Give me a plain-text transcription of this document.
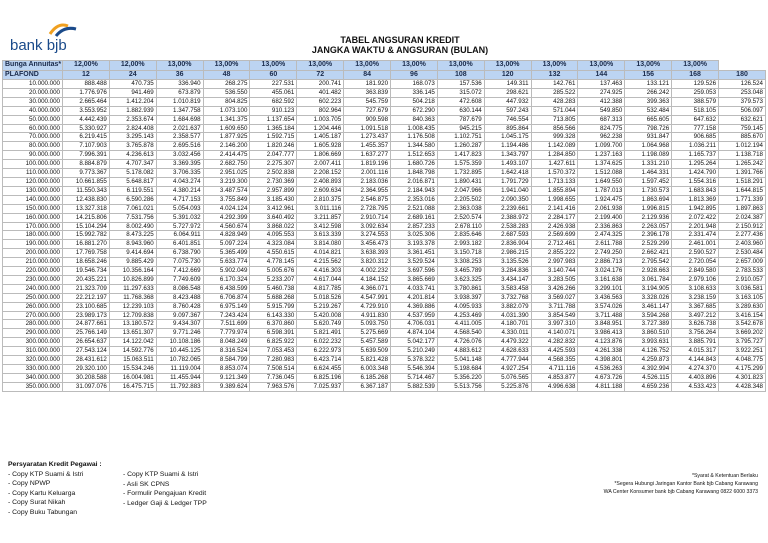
bank bjb	TABEL ANGSURAN KREDIT
JANGKA WAKTU & ANGSURAN (BULAN)
Bunga Annuitas*	12,00%	12,00%	13,00%	13,00%	13,00%	13,00%	13,00%	13,00%	13,00%	13,00%	13,00%	13,00%	13,00%	13,00%	
PLAFOND	12	24	36	48	60	72	84	96	108	120	132	144	156	168	180
10.000.000	888.488	470.735	336.940	268.275	227.531	200.741	181.920	168.073	157.536	149.311	142.761	137.463	133.121	129.526	126.524
20.000.000	1.776.976	941.469	673.879	536.550	455.061	401.482	363.839	336.145	315.072	298.621	285.522	274.925	266.242	259.053	253.048
30.000.000	2.665.464	1.412.204	1.010.819	804.825	682.592	602.223	545.759	504.218	472.608	447.932	428.283	412.388	399.363	388.579	379.573
40.000.000	3.553.952	1.882.939	1.347.758	1.073.100	910.123	802.964	727.679	672.290	630.144	597.243	571.044	549.850	532.484	518.105	506.097
50.000.000	4.442.439	2.353.674	1.684.698	1.341.375	1.137.654	1.003.705	909.598	840.363	787.679	746.554	713.805	687.313	665.605	647.632	632.621
60.000.000	5.330.927	2.824.408	2.021.637	1.609.650	1.365.184	1.204.446	1.091.518	1.008.435	945.215	895.864	856.566	824.775	798.726	777.158	759.145
70.000.000	6.219.415	3.295.143	2.358.577	1.877.925	1.592.715	1.405.187	1.273.437	1.176.508	1.102.751	1.045.175	999.328	962.238	931.847	906.685	885.670
80.000.000	7.107.903	3.765.878	2.695.516	2.146.200	1.820.246	1.605.928	1.455.357	1.344.580	1.260.287	1.194.486	1.142.089	1.099.700	1.064.968	1.036.211	1.012.194
90.000.000	7.996.391	4.236.613	3.032.456	2.414.475	2.047.777	1.806.669	1.637.277	1.512.653	1.417.823	1.343.797	1.284.850	1.237.163	1.198.089	1.165.737	1.138.718
100.000.000	8.884.879	4.707.347	3.369.395	2.682.750	2.275.307	2.007.411	1.819.196	1.680.726	1.575.359	1.493.107	1.427.611	1.374.625	1.331.210	1.295.264	1.265.242
110.000.000	9.773.367	5.178.082	3.706.335	2.951.025	2.502.838	2.208.152	2.001.116	1.848.798	1.732.895	1.642.418	1.570.372	1.512.088	1.464.331	1.424.790	1.391.766
120.000.000	10.661.855	5.648.817	4.043.274	3.219.300	2.730.369	2.408.893	2.183.036	2.016.871	1.890.431	1.791.729	1.713.133	1.649.550	1.597.452	1.554.316	1.518.291
130.000.000	11.550.343	6.119.551	4.380.214	3.487.574	2.957.899	2.609.634	2.364.955	2.184.943	2.047.966	1.941.040	1.855.894	1.787.013	1.730.573	1.683.843	1.644.815
140.000.000	12.438.830	6.590.286	4.717.153	3.755.849	3.185.430	2.810.375	2.546.875	2.353.016	2.205.502	2.090.350	1.998.655	1.924.475	1.863.694	1.813.369	1.771.339
150.000.000	13.327.318	7.061.021	5.054.093	4.024.124	3.412.961	3.011.116	2.728.795	2.521.088	2.363.038	2.239.661	2.141.416	2.061.938	1.996.815	1.942.895	1.897.863
160.000.000	14.215.806	7.531.756	5.391.032	4.292.399	3.640.492	3.211.857	2.910.714	2.689.161	2.520.574	2.388.972	2.284.177	2.199.400	2.129.936	2.072.422	2.024.387
170.000.000	15.104.294	8.002.490	5.727.972	4.560.674	3.868.022	3.412.598	3.092.634	2.857.233	2.678.110	2.538.283	2.426.938	2.336.863	2.263.057	2.201.948	2.150.912
180.000.000	15.992.782	8.473.225	6.064.911	4.828.949	4.095.553	3.613.339	3.274.553	3.025.306	2.835.646	2.687.593	2.569.699	2.474.325	2.396.178	2.331.474	2.277.436
190.000.000	16.881.270	8.943.960	6.401.851	5.097.224	4.323.084	3.814.080	3.456.473	3.193.378	2.993.182	2.836.904	2.712.461	2.611.788	2.529.299	2.461.001	2.403.960
200.000.000	17.769.758	9.414.694	6.738.790	5.365.499	4.550.615	4.014.821	3.638.393	3.361.451	3.150.718	2.986.215	2.855.222	2.749.250	2.662.421	2.590.527	2.530.484
210.000.000	18.658.246	9.885.429	7.075.730	5.633.774	4.778.145	4.215.562	3.820.312	3.529.524	3.308.253	3.135.526	2.997.983	2.886.713	2.795.542	2.720.054	2.657.009
220.000.000	19.546.734	10.356.164	7.412.669	5.902.049	5.005.676	4.416.303	4.002.232	3.697.596	3.465.789	3.284.836	3.140.744	3.024.176	2.928.663	2.849.580	2.783.533
230.000.000	20.435.221	10.826.899	7.749.609	6.170.324	5.233.207	4.617.044	4.184.152	3.865.669	3.623.325	3.434.147	3.283.505	3.161.638	3.061.784	2.979.106	2.910.057
240.000.000	21.323.709	11.297.633	8.086.548	6.438.599	5.460.738	4.817.785	4.366.071	4.033.741	3.780.861	3.583.458	3.426.266	3.299.101	3.194.905	3.108.633	3.036.581
250.000.000	22.212.197	11.768.368	8.423.488	6.706.874	5.688.268	5.018.526	4.547.991	4.201.814	3.938.397	3.732.768	3.569.027	3.436.563	3.328.026	3.238.159	3.163.105
260.000.000	23.100.685	12.239.103	8.760.428	6.975.149	5.915.799	5.219.267	4.729.910	4.369.886	4.095.933	3.882.079	3.711.788	3.574.026	3.461.147	3.367.685	3.289.630
270.000.000	23.989.173	12.709.838	9.097.367	7.243.424	6.143.330	5.420.008	4.911.830	4.537.959	4.253.469	4.031.390	3.854.549	3.711.488	3.594.268	3.497.212	3.416.154
280.000.000	24.877.661	13.180.572	9.434.307	7.511.699	6.370.860	5.620.749	5.093.750	4.706.031	4.411.005	4.180.701	3.997.310	3.848.951	3.727.389	3.626.738	3.542.678
290.000.000	25.766.149	13.651.307	9.771.246	7.779.974	6.598.391	5.821.491	5.275.669	4.874.104	4.568.540	4.330.011	4.140.071	3.986.413	3.860.510	3.756.264	3.669.202
300.000.000	26.654.637	14.122.042	10.108.186	8.048.249	6.825.922	6.022.232	5.457.589	5.042.177	4.726.076	4.479.322	4.282.832	4.123.876	3.993.631	3.885.791	3.795.727
310.000.000	27.543.124	14.592.776	10.445.125	8.316.524	7.053.453	6.222.973	5.639.509	5.210.249	4.883.612	4.628.633	4.425.593	4.261.338	4.126.752	4.015.317	3.922.251
320.000.000	28.431.612	15.063.511	10.782.065	8.584.799	7.280.983	6.423.714	5.821.428	5.378.322	5.041.148	4.777.944	4.568.355	4.398.801	4.259.873	4.144.843	4.048.775
330.000.000	29.320.100	15.534.246	11.119.004	8.853.074	7.508.514	6.624.455	6.003.348	5.546.394	5.198.684	4.927.254	4.711.116	4.536.263	4.392.994	4.274.370	4.175.299
340.000.000	30.208.588	16.004.981	11.455.944	9.121.349	7.736.045	6.825.196	6.185.268	5.714.467	5.356.220	5.076.565	4.853.877	4.673.726	4.526.115	4.403.896	4.301.823
350.000.000	31.097.076	16.475.715	11.792.883	9.389.624	7.963.576	7.025.937	6.367.187	5.882.539	5.513.756	5.225.876	4.996.638	4.811.188	4.659.236	4.533.423	4.428.348
Persyaratan Kredit Pegawai :
- Copy KTP Suami & Istri
- Copy NPWP
- Copy Kartu Keluarga
- Copy Surat Nikah
- Copy Buku Tabungan
- Copy KTP Suami & Istri
- Asli SK CPNS
- Formulir Pengajuan Kredit
- Ledger Gaji & Ledger TPP
*Syarat & Ketentuan Berlaku
*Segera Hubungi Jaringan Kantor Bank bjb Cabang Karawang
WA Center Konsumer bank bjb Cabang Karawang 0822 6000 3373
